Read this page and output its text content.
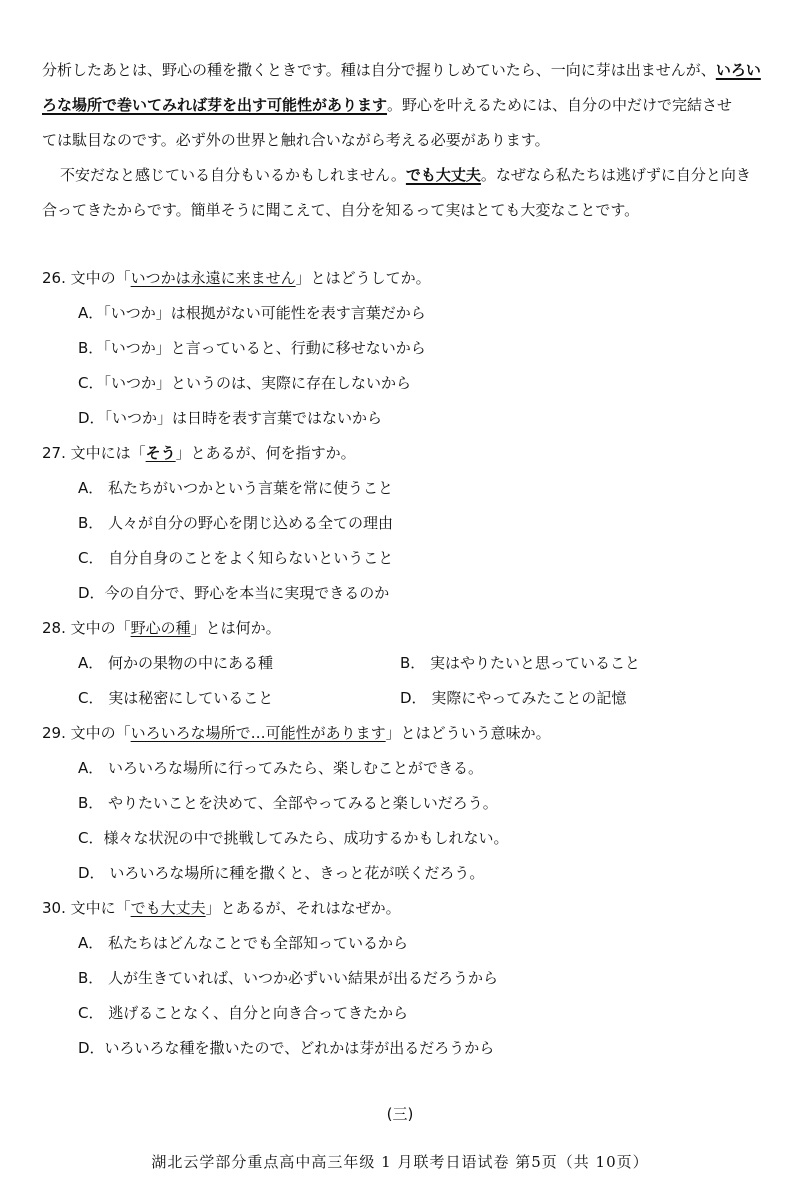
分析したあとは、野心の種を撒くときです。種は自分で握りしめていたら、一向に芽は出ませんが、いろい
ろな場所で巻いてみれば芽を出す可能性があります。野心を叶えるためには、自分の中だけで完結させ
ては駄目なのです。必ず外の世界と触れ合いながら考える必要があります。
不安だなと感じている自分もいるかもしれません。でも大丈夫。なぜなら私たちは逃げずに自分と向き
合ってきたからです。簡単そうに聞こえて、自分を知るって実はとても大変なことです。
26. 文中の「いつかは永遠に来ません」とはどうしてか。
A．「いつか」は根拠がない可能性を表す言葉だから
B．「いつか」と言っていると、行動に移せないから
C．「いつか」というのは、実際に存在しないから
D．「いつか」は日時を表す言葉ではないから
27. 文中には「そう」とあるが、何を指すか。
A． 私たちがいつかという言葉を常に使うこと
B． 人々が自分の野心を閉じ込める全ての理由
C． 自分自身のことをよく知らないということ
D．今の自分で、野心を本当に実現できるのか
28. 文中の「野心の種」とは何か。
A． 何かの果物の中にある種	B． 実はやりたいと思っていること
C． 実は秘密にしていること	D． 実際にやってみたことの記憶
29. 文中の「いろいろな場所で…可能性があります」とはどういう意味か。
A． いろいろな場所に行ってみたら、楽しむことができる。
B． やりたいことを決めて、全部やってみると楽しいだろう。
C．様々な状況の中で挑戦してみたら、成功するかもしれない。
D． いろいろな場所に種を撒くと、きっと花が咲くだろう。
30. 文中に「でも大丈夫」とあるが、それはなぜか。
A． 私たちはどんなことでも全部知っているから
B． 人が生きていれば、いつか必ずいい結果が出るだろうから
C． 逃げることなく、自分と向き合ってきたから
D．いろいろな種を撒いたので、どれかは芽が出るだろうから
(三)
湖北云学部分重点高中高三年级 1 月联考日语试卷 第5页（共 10页）
